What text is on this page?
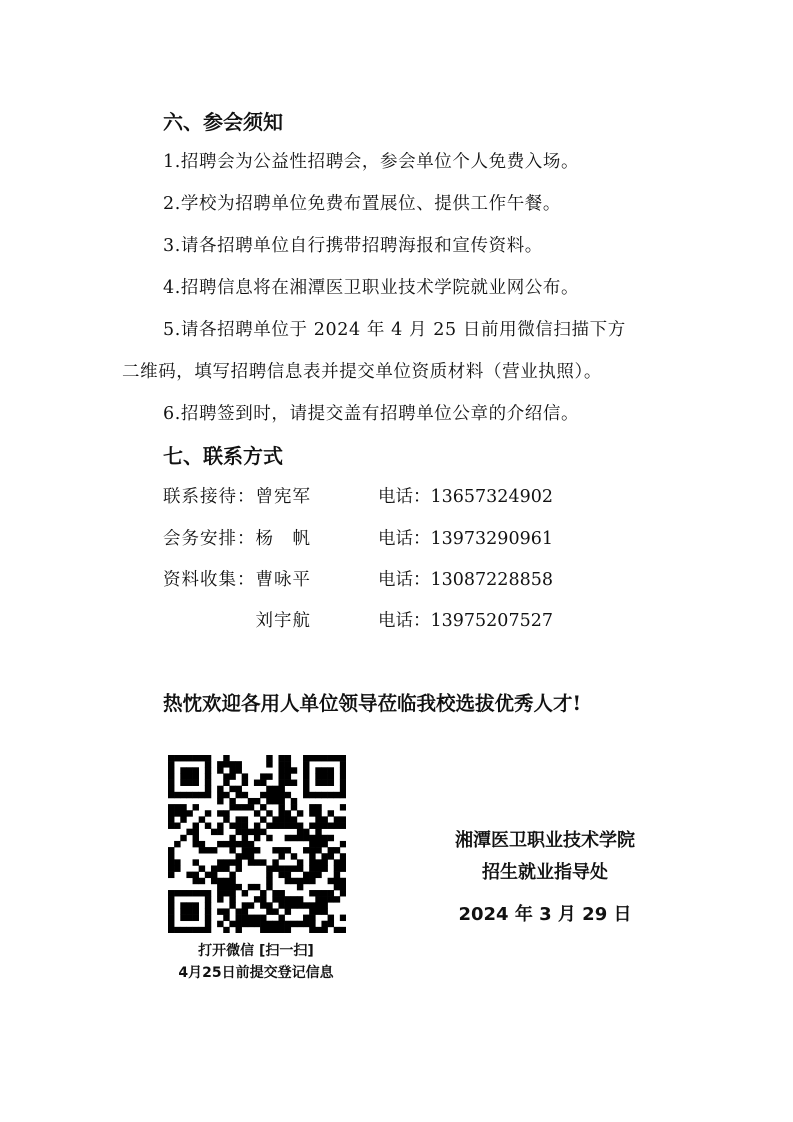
六、参会须知
1.招聘会为公益性招聘会，参会单位个人免费入场。
2.学校为招聘单位免费布置展位、提供工作午餐。
3.请各招聘单位自行携带招聘海报和宣传资料。
4.招聘信息将在湘潭医卫职业技术学院就业网公布。
5.请各招聘单位于 2024 年 4 月 25 日前用微信扫描下方
二维码，填写招聘信息表并提交单位资质材料（营业执照）。
6.招聘签到时，请提交盖有招聘单位公章的介绍信。
七、联系方式
联系接待：曾宪军	电话：13657324902
会务安排：杨　帆	电话：13973290961
资料收集：曹咏平	电话：13087228858
　　　　　刘宇航	电话：13975207527
热忱欢迎各用人单位领导莅临我校选拔优秀人才!
打开微信 [扫一扫]
4月25日前提交登记信息
湘潭医卫职业技术学院
招生就业指导处
2024 年 3 月 29 日
